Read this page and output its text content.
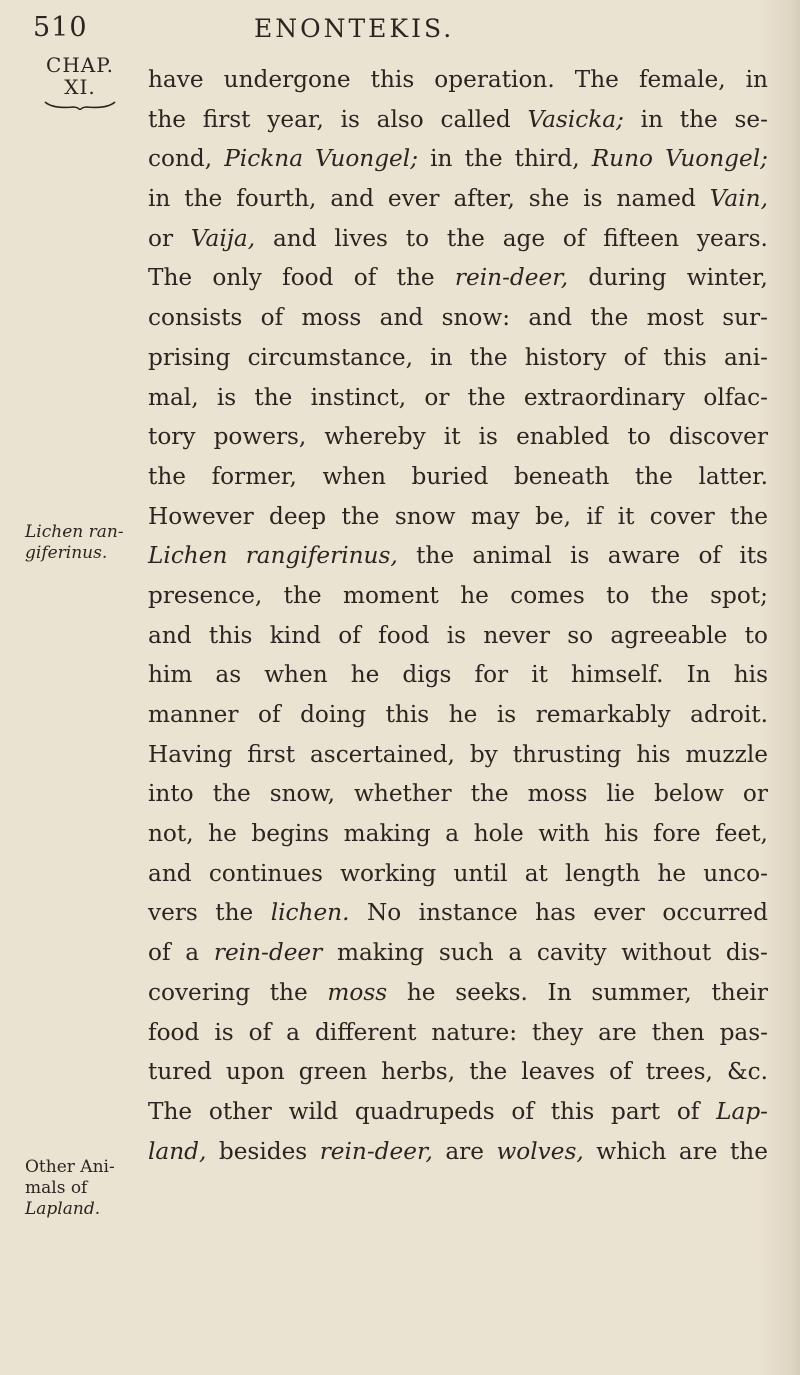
510	ENONTEKIS.
CHAP.
XI.
Lichen ran-
giferinus.
Other Ani-
mals of
Lapland.
have undergone this operation. The female, in
the first year, is also called Vasicka; in the se-
cond, Pickna Vuongel; in the third, Runo Vuongel;
in the fourth, and ever after, she is named Vain,
or Vaija, and lives to the age of fifteen years.
The only food of the rein-deer, during winter,
consists of moss and snow: and the most sur-
prising circumstance, in the history of this ani-
mal, is the instinct, or the extraordinary olfac-
tory powers, whereby it is enabled to discover
the former, when buried beneath the latter.
However deep the snow may be, if it cover the
Lichen rangiferinus, the animal is aware of its
presence, the moment he comes to the spot;
and this kind of food is never so agreeable to
him as when he digs for it himself. In his
manner of doing this he is remarkably adroit.
Having first ascertained, by thrusting his muzzle
into the snow, whether the moss lie below or
not, he begins making a hole with his fore feet,
and continues working until at length he unco-
vers the lichen. No instance has ever occurred
of a rein-deer making such a cavity without dis-
covering the moss he seeks. In summer, their
food is of a different nature: they are then pas-
tured upon green herbs, the leaves of trees, &c.
The other wild quadrupeds of this part of Lap-
land, besides rein-deer, are wolves, which are the
